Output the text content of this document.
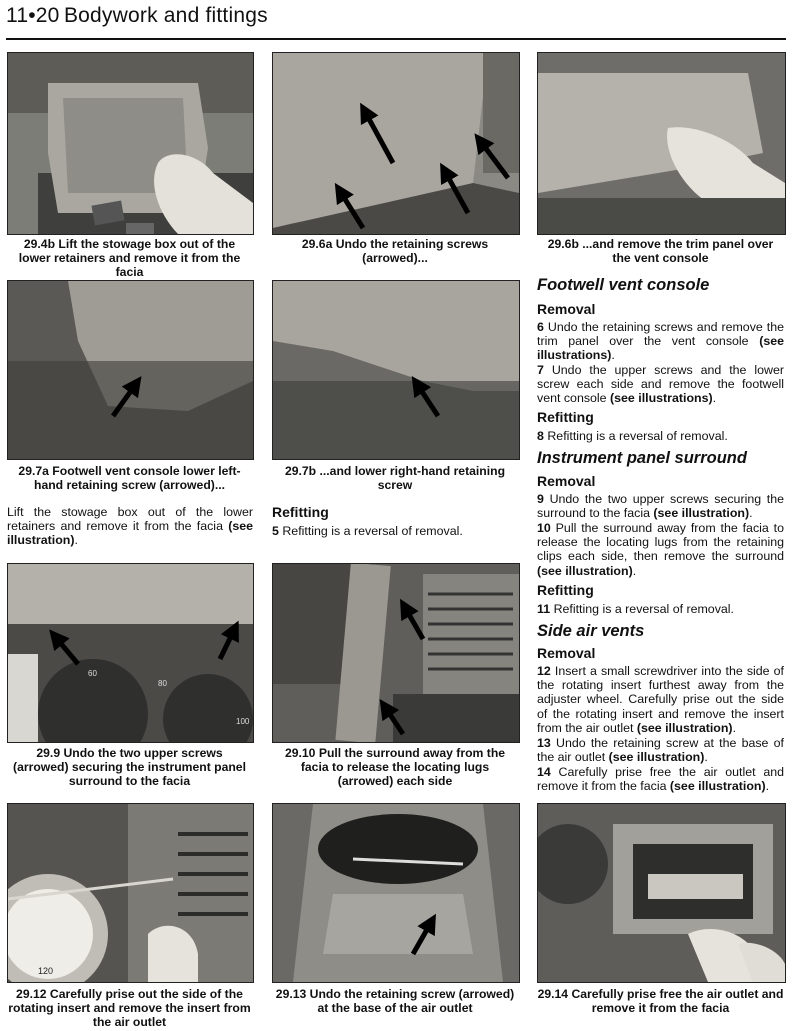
11•20 Bodywork and fittings
29.4b Lift the stowage box out of the lower retainers and remove it from the facia
29.6a Undo the retaining screws (arrowed)...
29.6b ...and remove the trim panel over the vent console
29.7a Footwell vent console lower left-hand retaining screw (arrowed)...
29.7b ...and lower right-hand retaining screw
Lift the stowage box out of the lower retainers and remove it from the facia (see illustration).
Refitting
5 Refitting is a reversal of removal.
60
80
100
29.9 Undo the two upper screws (arrowed) securing the instrument panel surround to the facia
29.10 Pull the surround away from the facia to release the locating lugs (arrowed) each side
120
29.12 Carefully prise out the side of the rotating insert and remove the insert from the air outlet
29.13 Undo the retaining screw (arrowed) at the base of the air outlet
29.14 Carefully prise free the air outlet and remove it from the facia
Footwell vent console
Removal
6 Undo the retaining screws and remove the trim panel over the vent console (see illustrations).
7 Undo the upper screws and the lower screw each side and remove the footwell vent console (see illustrations).
Refitting
8 Refitting is a reversal of removal.
Instrument panel surround
Removal
9 Undo the two upper screws securing the surround to the facia (see illustration).
10 Pull the surround away from the facia to release the locating lugs from the retaining clips each side, then remove the surround (see illustration).
Refitting
11 Refitting is a reversal of removal.
Side air vents
Removal
12 Insert a small screwdriver into the side of the rotating insert furthest away from the adjuster wheel. Carefully prise out the side of the rotating insert and remove the insert from the air outlet (see illustration).
13 Undo the retaining screw at the base of the air outlet (see illustration).
14 Carefully prise free the air outlet and remove it from the facia (see illustration).
